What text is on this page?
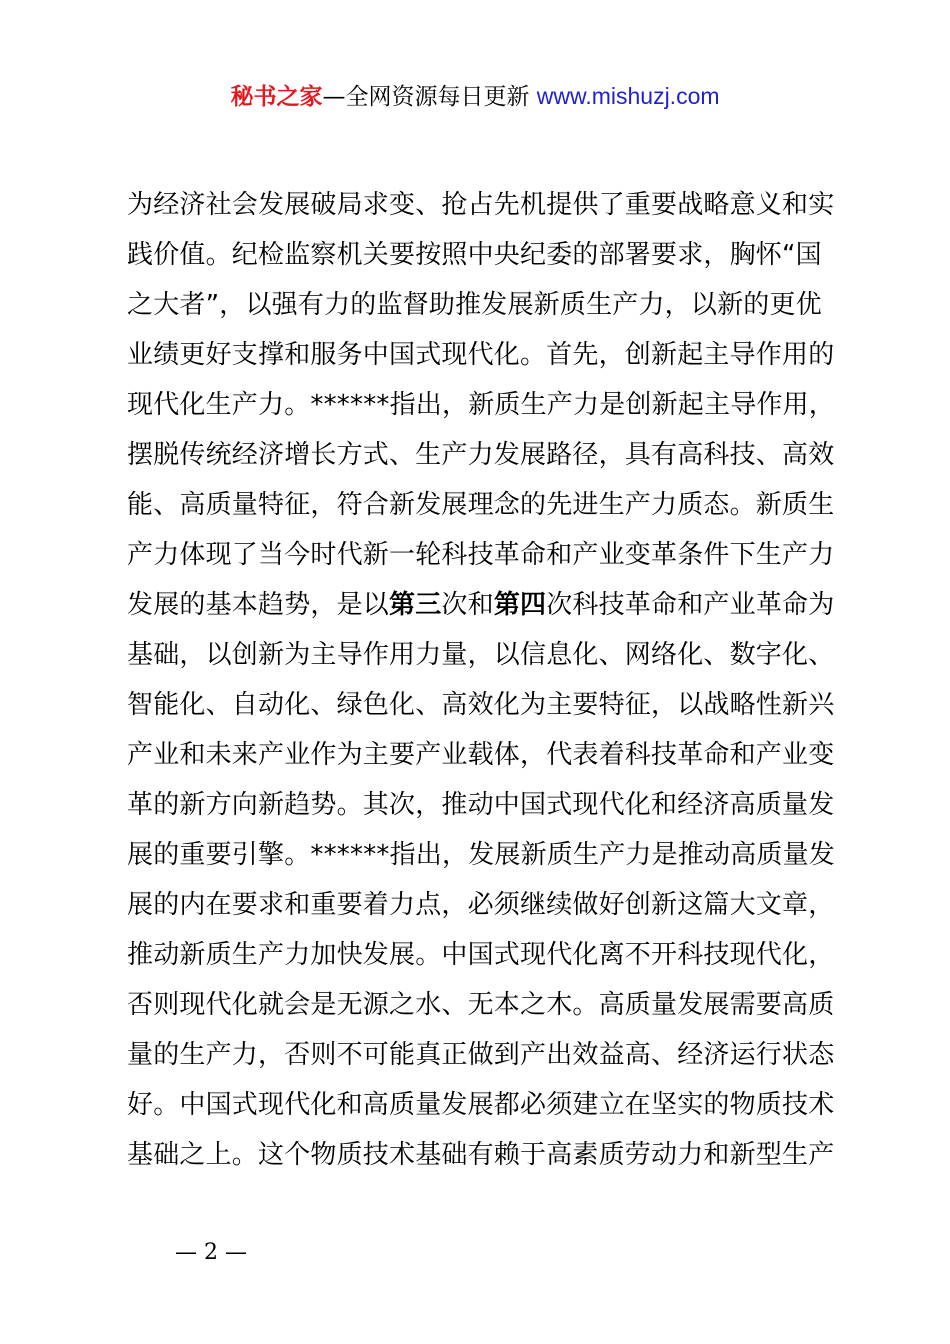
秘书之家—全网资源每日更新 www.mishuzj.com
为经济社会发展破局求变、抢占先机提供了重要战略意义和实
践价值。纪检监察机关要按照中央纪委的部署要求，胸怀“国
之大者”，以强有力的监督助推发展新质生产力，以新的更优
业绩更好支撑和服务中国式现代化。首先，创新起主导作用的
现代化生产力。******指出，新质生产力是创新起主导作用，
摆脱传统经济增长方式、生产力发展路径，具有高科技、高效
能、高质量特征，符合新发展理念的先进生产力质态。新质生
产力体现了当今时代新一轮科技革命和产业变革条件下生产力
发展的基本趋势，是以第三次和第四次科技革命和产业革命为
基础，以创新为主导作用力量，以信息化、网络化、数字化、
智能化、自动化、绿色化、高效化为主要特征，以战略性新兴
产业和未来产业作为主要产业载体，代表着科技革命和产业变
革的新方向新趋势。其次，推动中国式现代化和经济高质量发
展的重要引擎。******指出，发展新质生产力是推动高质量发
展的内在要求和重要着力点，必须继续做好创新这篇大文章，
推动新质生产力加快发展。中国式现代化离不开科技现代化，
否则现代化就会是无源之水、无本之木。高质量发展需要高质
量的生产力，否则不可能真正做到产出效益高、经济运行状态
好。中国式现代化和高质量发展都必须建立在坚实的物质技术
基础之上。这个物质技术基础有赖于高素质劳动力和新型生产
— 2 —
